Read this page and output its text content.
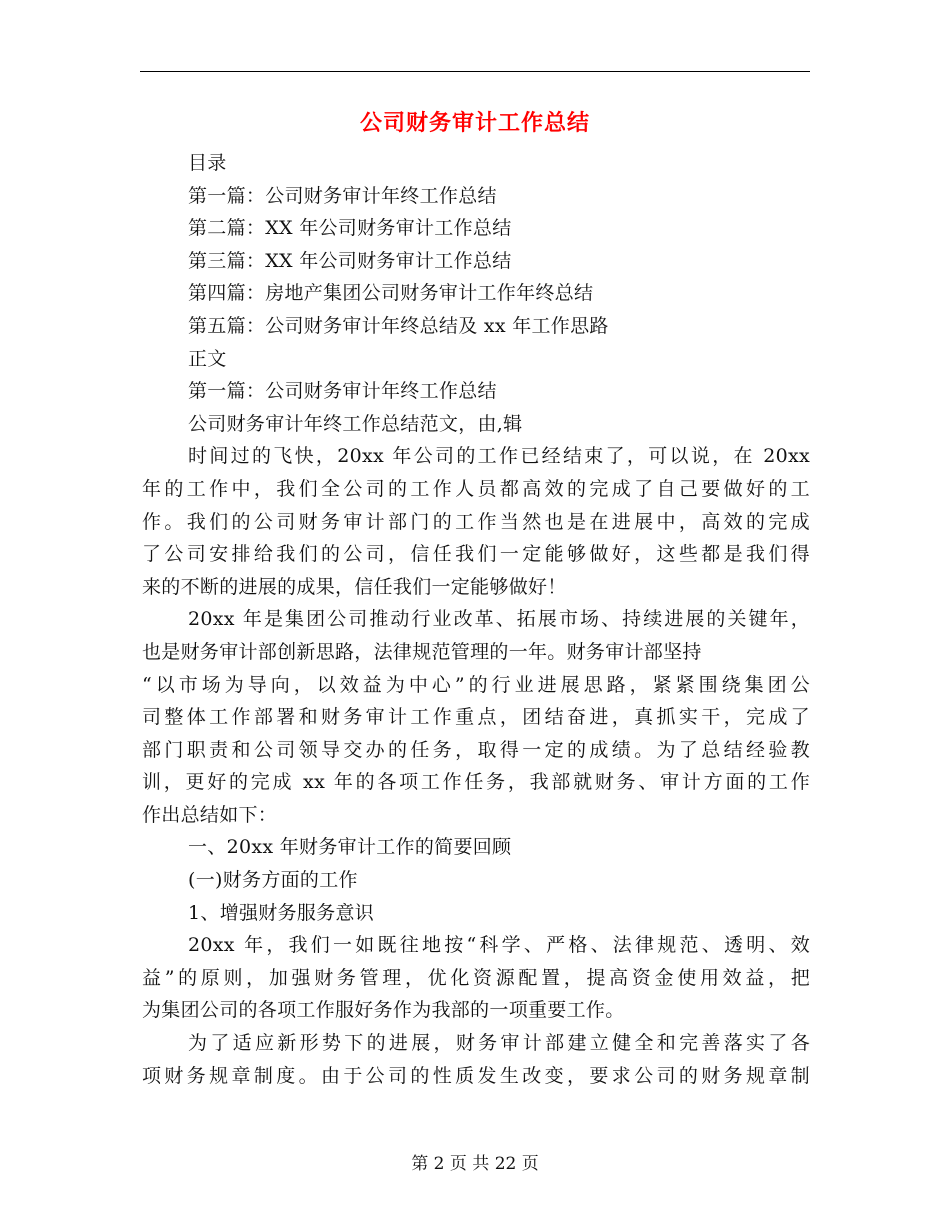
公司财务审计工作总结
目录
第一篇：公司财务审计年终工作总结
第二篇：XX 年公司财务审计工作总结
第三篇：XX 年公司财务审计工作总结
第四篇：房地产集团公司财务审计工作年终总结
第五篇：公司财务审计年终总结及 xx 年工作思路
正文
第一篇：公司财务审计年终工作总结
公司财务审计年终工作总结范文，由,辑
时间过的飞快，20xx 年公司的工作已经结束了，可以说，在 20xx
年的工作中，我们全公司的工作人员都高效的完成了自己要做好的工
作。我们的公司财务审计部门的工作当然也是在进展中，高效的完成
了公司安排给我们的公司，信任我们一定能够做好，这些都是我们得
来的不断的进展的成果，信任我们一定能够做好！
20xx 年是集团公司推动行业改革、拓展市场、持续进展的关键年，
也是财务审计部创新思路，法律规范管理的一年。财务审计部坚持
“以市场为导向，以效益为中心”的行业进展思路，紧紧围绕集团公
司整体工作部署和财务审计工作重点，团结奋进，真抓实干，完成了
部门职责和公司领导交办的任务，取得一定的成绩。为了总结经验教
训，更好的完成 xx 年的各项工作任务，我部就财务、审计方面的工作
作出总结如下：
一、20xx 年财务审计工作的简要回顾
(一)财务方面的工作
1、增强财务服务意识
20xx 年，我们一如既往地按“科学、严格、法律规范、透明、效
益”的原则，加强财务管理，优化资源配置，提高资金使用效益，把
为集团公司的各项工作服好务作为我部的一项重要工作。
为了适应新形势下的进展，财务审计部建立健全和完善落实了各
项财务规章制度。由于公司的性质发生改变，要求公司的财务规章制
第 2 页 共 22 页
